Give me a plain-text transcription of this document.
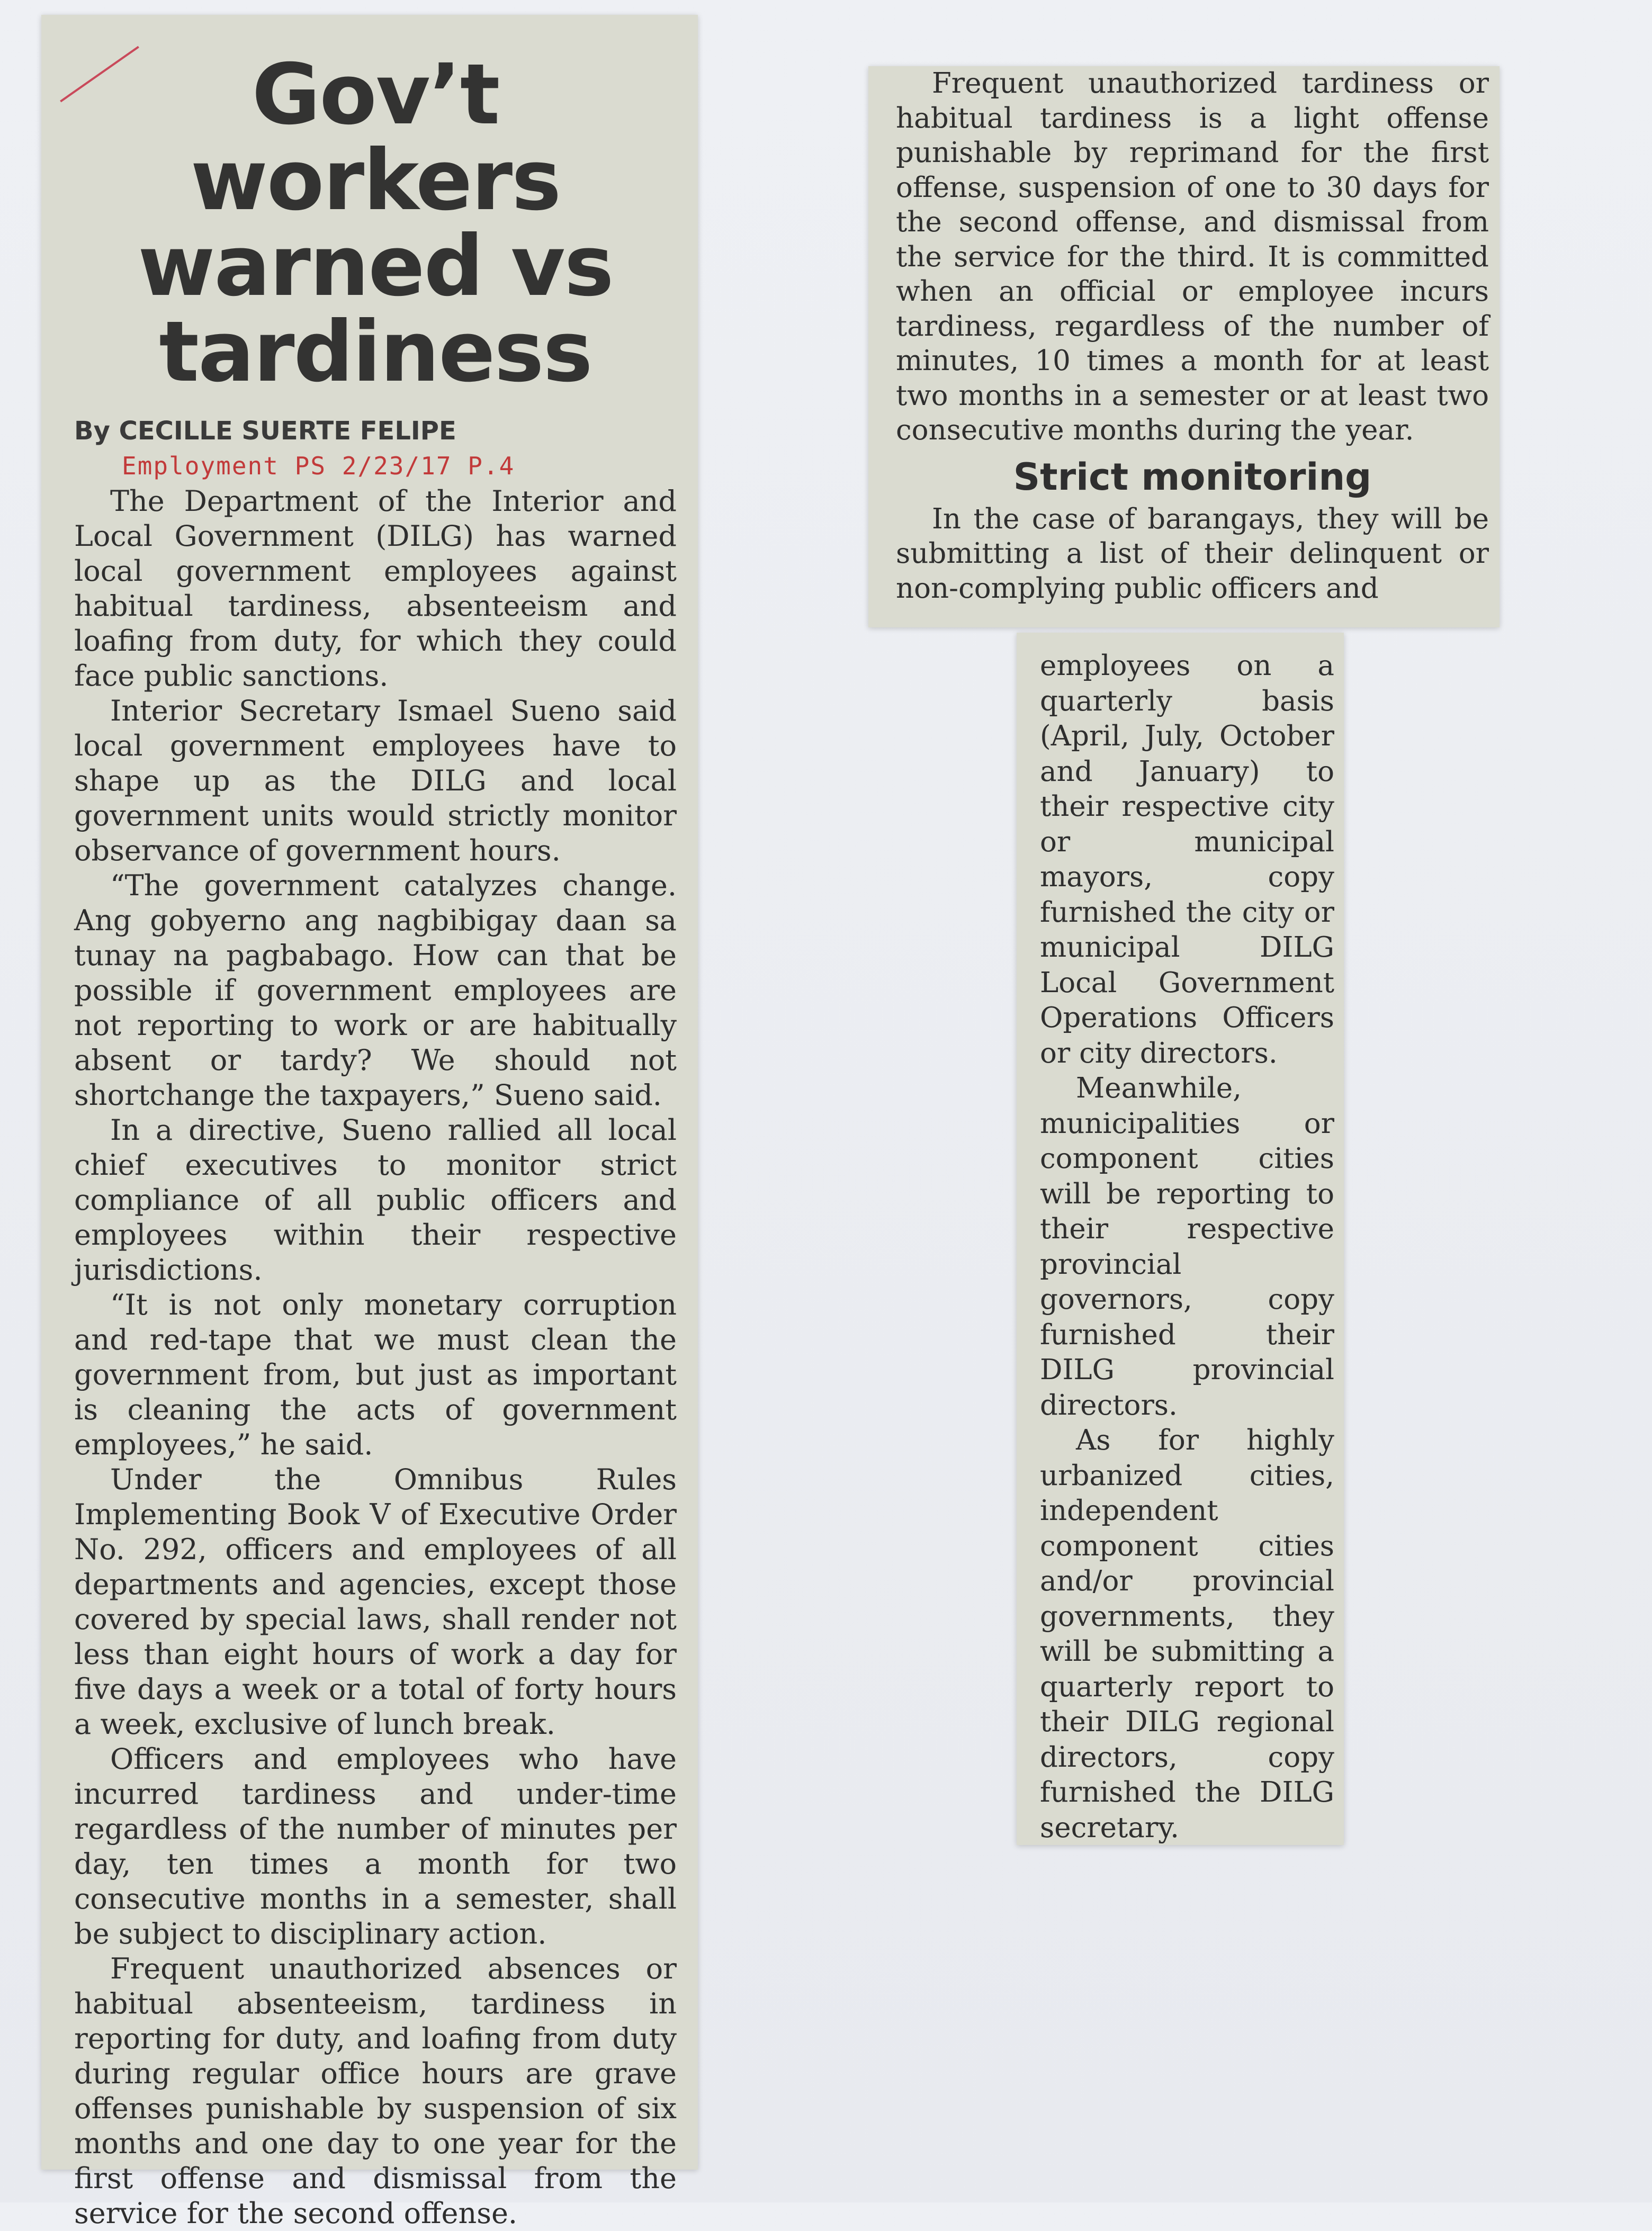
Gov’t workers warned vs tardiness
By CECILLE SUERTE FELIPE
Employment PS 2/23/17 P.4

The Department of the Interior and Local Government (DILG) has warned local government employees against habitual tardiness, absenteeism and loafing from duty, for which they could face public sanctions.

Interior Secretary Ismael Sueno said local government employees have to shape up as the DILG and local government units would strictly monitor observance of government hours.

“The government catalyzes change. Ang gobyerno ang nagbibigay daan sa tunay na pagbabago. How can that be possible if government employees are not reporting to work or are habitually absent or tardy? We should not shortchange the taxpayers,” Sueno said.

In a directive, Sueno rallied all local chief executives to monitor strict compliance of all public officers and employees within their respective jurisdictions.

“It is not only monetary corruption and red-tape that we must clean the government from, but just as important is cleaning the acts of government employees,” he said.

Under the Omnibus Rules Implementing Book V of Executive Order No. 292, officers and employees of all departments and agencies, except those covered by special laws, shall render not less than eight hours of work a day for five days a week or a total of forty hours a week, exclusive of lunch break.

Officers and employees who have incurred tardiness and under-time regardless of the number of minutes per day, ten times a month for two consecutive months in a semester, shall be subject to disciplinary action.

Frequent unauthorized absences or habitual absenteeism, tardiness in reporting for duty, and loafing from duty during regular office hours are grave offenses punishable by suspension of six months and one day to one year for the first offense and dismissal from the service for the second offense.

Frequent unauthorized tardiness or habitual tardiness is a light offense punishable by reprimand for the first offense, suspension of one to 30 days for the second offense, and dismissal from the service for the third. It is committed when an official or employee incurs tardiness, regardless of the number of minutes, 10 times a month for at least two months in a semester or at least two consecutive months during the year.

Strict monitoring

In the case of barangays, they will be submitting a list of their delinquent or non-complying public officers and

employees on a quarterly basis (April, July, October and January) to their respective city or municipal mayors, copy furnished the city or municipal DILG Local Government Operations Officers or city directors.

Meanwhile, municipalities or component cities will be reporting to their respective provincial governors, copy furnished their DILG provincial directors.

As for highly urbanized cities, independent component cities and/or provincial governments, they will be submitting a quarterly report to their DILG regional directors, copy furnished the DILG secretary.
